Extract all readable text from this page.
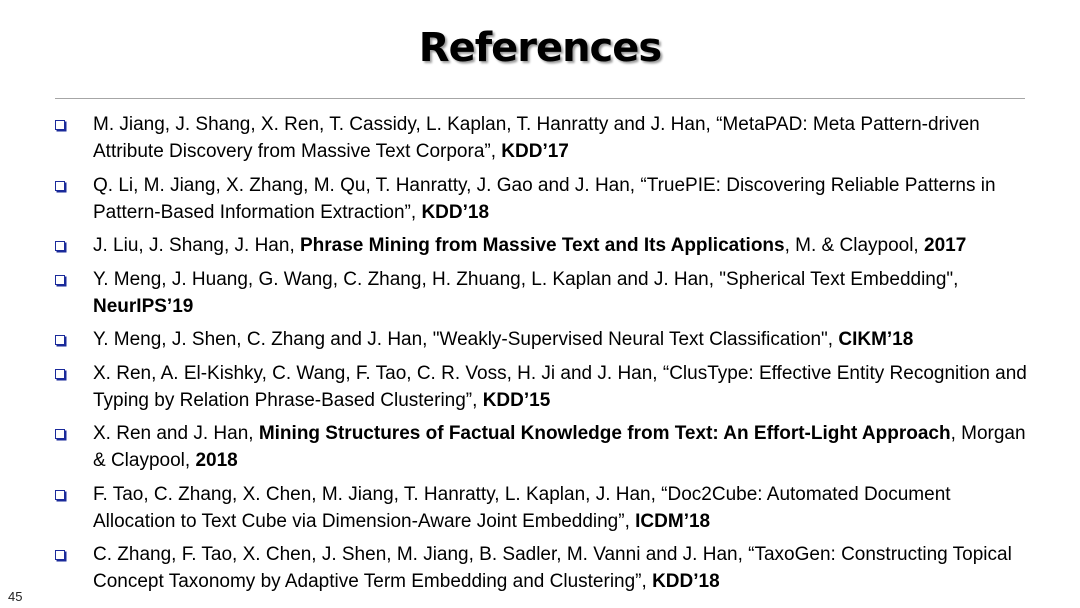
References
M. Jiang, J. Shang, X. Ren, T. Cassidy, L. Kaplan, T. Hanratty and J. Han, “MetaPAD: Meta Pattern-driven Attribute Discovery from Massive Text Corpora”, KDD’17
Q. Li, M. Jiang, X. Zhang, M. Qu, T. Hanratty, J. Gao and J. Han, “TruePIE: Discovering Reliable Patterns in Pattern-Based Information Extraction”, KDD’18
J. Liu, J. Shang, J. Han, Phrase Mining from Massive Text and Its Applications, M. & Claypool, 2017
Y. Meng, J. Huang, G. Wang, C. Zhang, H. Zhuang, L. Kaplan and J. Han, "Spherical Text Embedding", NeurIPS’19
Y. Meng, J. Shen, C. Zhang and J. Han, "Weakly-Supervised Neural Text Classification", CIKM’18
X. Ren, A. El-Kishky, C. Wang, F. Tao, C. R. Voss, H. Ji and J. Han, “ClusType: Effective Entity Recognition and Typing by Relation Phrase-Based Clustering”, KDD’15
X. Ren and J. Han, Mining Structures of Factual Knowledge from Text: An Effort-Light Approach, Morgan & Claypool, 2018
F. Tao, C. Zhang, X. Chen, M. Jiang, T. Hanratty, L. Kaplan, J. Han, “Doc2Cube: Automated Document Allocation to Text Cube via Dimension-Aware Joint Embedding”, ICDM’18
C. Zhang, F. Tao, X. Chen, J. Shen, M. Jiang, B. Sadler, M. Vanni and J. Han, “TaxoGen: Constructing Topical Concept Taxonomy by Adaptive Term Embedding and Clustering”, KDD’18
45
